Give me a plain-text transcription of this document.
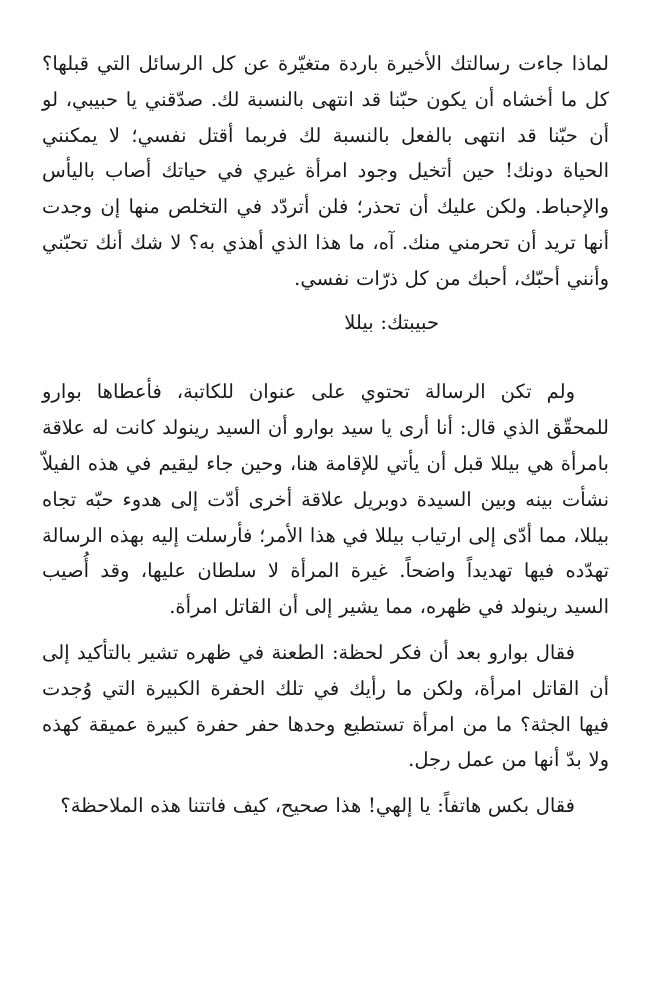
لماذا جاءت رسالتك الأخيرة باردة متغيّرة عن كل الرسائل التي قبلها؟ كل ما أخشاه أن يكون حبّنا قد انتهى بالنسبة لك. صدّقني يا حبيبي، لو أن حبّنا قد انتهى بالفعل بالنسبة لك فربما أقتل نفسي؛ لا يمكنني الحياة دونك! حين أتخيل وجود امرأة غيري في حياتك أصاب باليأس والإحباط. ولكن عليك أن تحذر؛ فلن أتردّد في التخلص منها إن وجدت أنها تريد أن تحرمني منك. آه، ما هذا الذي أهذي به؟ لا شك أنك تحبّني وأنني أحبّك، أحبك من كل ذرّات نفسي.

حبيبتك: بيللا

ولم تكن الرسالة تحتوي على عنوان للكاتبة، فأعطاها بوارو للمحقّق الذي قال: أنا أرى يا سيد بوارو أن السيد رينولد كانت له علاقة بامرأة هي بيللا قبل أن يأتي للإقامة هنا، وحين جاء ليقيم في هذه الفيلاّ نشأت بينه وبين السيدة دوبريل علاقة أخرى أدّت إلى هدوء حبّه تجاه بيللا، مما أدّى إلى ارتياب بيللا في هذا الأمر؛ فأرسلت إليه بهذه الرسالة تهدّده فيها تهديداً واضحاً. غيرة المرأة لا سلطان عليها، وقد أُصيب السيد رينولد في ظهره، مما يشير إلى أن القاتل امرأة.

فقال بوارو بعد أن فكر لحظة: الطعنة في ظهره تشير بالتأكيد إلى أن القاتل امرأة، ولكن ما رأيك في تلك الحفرة الكبيرة التي وُجدت فيها الجثة؟ ما من امرأة تستطيع وحدها حفر حفرة كبيرة عميقة كهذه ولا بدّ أنها من عمل رجل.

فقال بكس هاتفاً: يا إلهي! هذا صحيح، كيف فاتتنا هذه الملاحظة؟
